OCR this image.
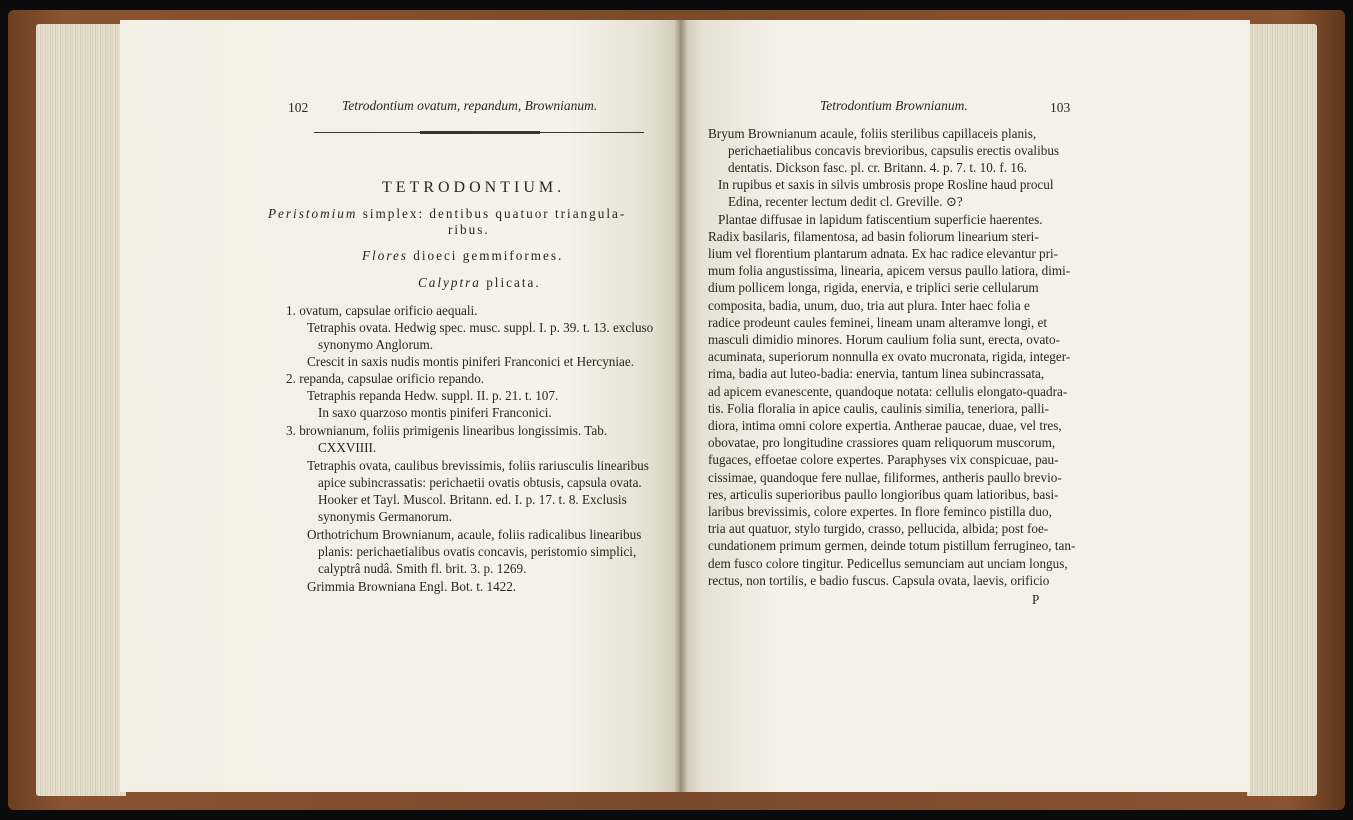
102	Tetrodontium ovatum, repandum, Brownianum.
TETRODONTIUM.
Peristomium simplex: dentibus quatuor triangula-
ribus.
Flores dioeci gemmiformes.
Calyptra plicata.
1. ovatum, capsulae orificio aequali.
Tetraphis ovata. Hedwig spec. musc. suppl. I. p. 39. t. 13. excluso
synonymo Anglorum.
Crescit in saxis nudis montis piniferi Franconici et Hercyniae.
2. repanda, capsulae orificio repando.
Tetraphis repanda Hedw. suppl. II. p. 21. t. 107.
In saxo quarzoso montis piniferi Franconici.
3. brownianum, foliis primigenis linearibus longissimis. Tab.
CXXVIIII.
Tetraphis ovata, caulibus brevissimis, foliis rariusculis linearibus
apice subincrassatis: perichaetii ovatis obtusis, capsula ovata.
Hooker et Tayl. Muscol. Britann. ed. I. p. 17. t. 8. Exclusis
synonymis Germanorum.
Orthotrichum Brownianum, acaule, foliis radicalibus linearibus
planis: perichaetialibus ovatis concavis, peristomio simplici,
calyptrâ nudâ. Smith fl. brit. 3. p. 1269.
Grimmia Browniana Engl. Bot. t. 1422.
Tetrodontium Brownianum.	103
Bryum Brownianum acaule, foliis sterilibus capillaceis planis,
perichaetialibus concavis brevioribus, capsulis erectis ovalibus
dentatis. Dickson fasc. pl. cr. Britann. 4. p. 7. t. 10. f. 16.
In rupibus et saxis in silvis umbrosis prope Rosline haud procul
Edina, recenter lectum dedit cl. Greville. ⊙?
Plantae diffusae in lapidum fatiscentium superficie haerentes.
Radix basilaris, filamentosa, ad basin foliorum linearium steri-
lium vel florentium plantarum adnata. Ex hac radice elevantur pri-
mum folia angustissima, linearia, apicem versus paullo latiora, dimi-
dium pollicem longa, rigida, enervia, e triplici serie cellularum
composita, badia, unum, duo, tria aut plura. Inter haec folia e
radice prodeunt caules feminei, lineam unam alteramve longi, et
masculi dimidio minores. Horum caulium folia sunt, erecta, ovato-
acuminata, superiorum nonnulla ex ovato mucronata, rigida, integer-
rima, badia aut luteo-badia: enervia, tantum linea subincrassata,
ad apicem evanescente, quandoque notata: cellulis elongato-quadra-
tis. Folia floralia in apice caulis, caulinis similia, teneriora, palli-
diora, intima omni colore expertia. Antherae paucae, duae, vel tres,
obovatae, pro longitudine crassiores quam reliquorum muscorum,
fugaces, effoetae colore expertes. Paraphyses vix conspicuae, pau-
cissimae, quandoque fere nullae, filiformes, antheris paullo brevio-
res, articulis superioribus paullo longioribus quam latioribus, basi-
laribus brevissimis, colore expertes. In flore feminco pistilla duo,
tria aut quatuor, stylo turgido, crasso, pellucida, albida; post foe-
cundationem primum germen, deinde totum pistillum ferrugineo, tan-
dem fusco colore tingitur. Pedicellus semunciam aut unciam longus,
rectus, non tortilis, e badio fuscus. Capsula ovata, laevis, orificio
P
